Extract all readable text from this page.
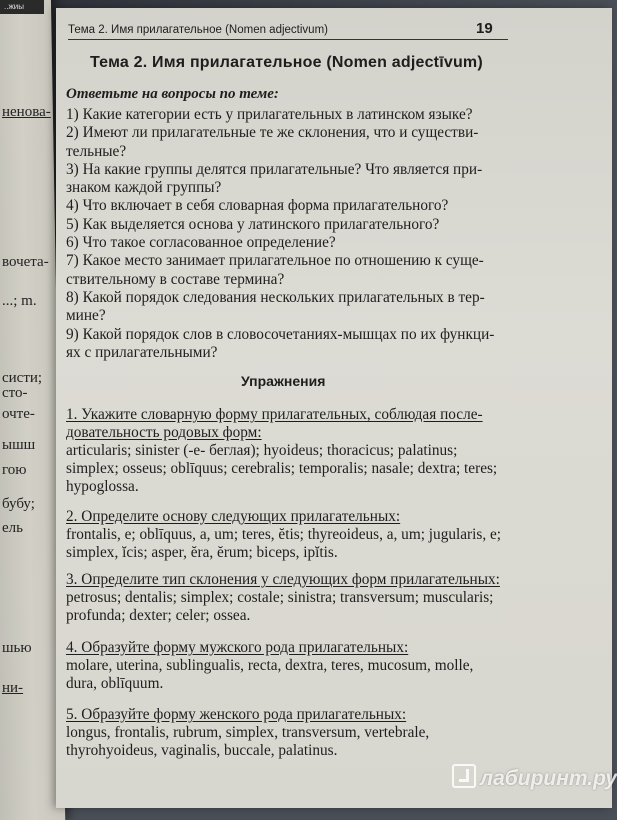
..жиы
ненова-
вочета-
...; m.
систи;
сто-
очте-
ышш
гою
бубу;
ель
шью
ни-
Тема 2. Имя прилагательное (Nomen adjectivum)	19
Тема 2. Имя прилагательное (Nomen adjectīvum)
Ответьте на вопросы по теме:
1) Какие категории есть у прилагательных в латинском языке?
2) Имеют ли прилагательные те же склонения, что и существи-
тельные?
3) На какие группы делятся прилагательные? Что является при-
знаком каждой группы?
4) Что включает в себя словарная форма прилагательного?
5) Как выделяется основа у латинского прилагательного?
6) Что такое согласованное определение?
7) Какое место занимает прилагательное по отношению к суще-
ствительному в составе термина?
8) Какой порядок следования нескольких прилагательных в тер-
мине?
9) Какой порядок слов в словосочетаниях-мышцах по их функци-
ях с прилагательными?
Упражнения
1. Укажите словарную форму прилагательных, соблюдая после-
довательность родовых форм:
articularis; sinister (-e- беглая); hyoideus; thoracicus; palatinus;
simplex; osseus; oblīquus; cerebralis; temporalis; nasale; dextra; teres;
hypoglossa.
2. Определите основу следующих прилагательных:
frontalis, e; oblīquus, a, um; teres, ĕtis; thyreoideus, a, um; jugularis, e;
simplex, ĭcis; asper, ĕra, ĕrum; biceps, ipĭtis.
3. Определите тип склонения у следующих форм прилагательных:
petrosus; dentalis; simplex; costale; sinistra; transversum; muscularis;
profunda; dexter; celer; ossea.
4. Образуйте форму мужского рода прилагательных:
molare, uterina, sublingualis, recta, dextra, teres, mucosum, molle,
dura, oblīquum.
5. Образуйте форму женского рода прилагательных:
longus, frontalis, rubrum, simplex, transversum, vertebrale,
thyrohyoideus, vaginalis, buccale, palatinus.
лабиринт.ру
